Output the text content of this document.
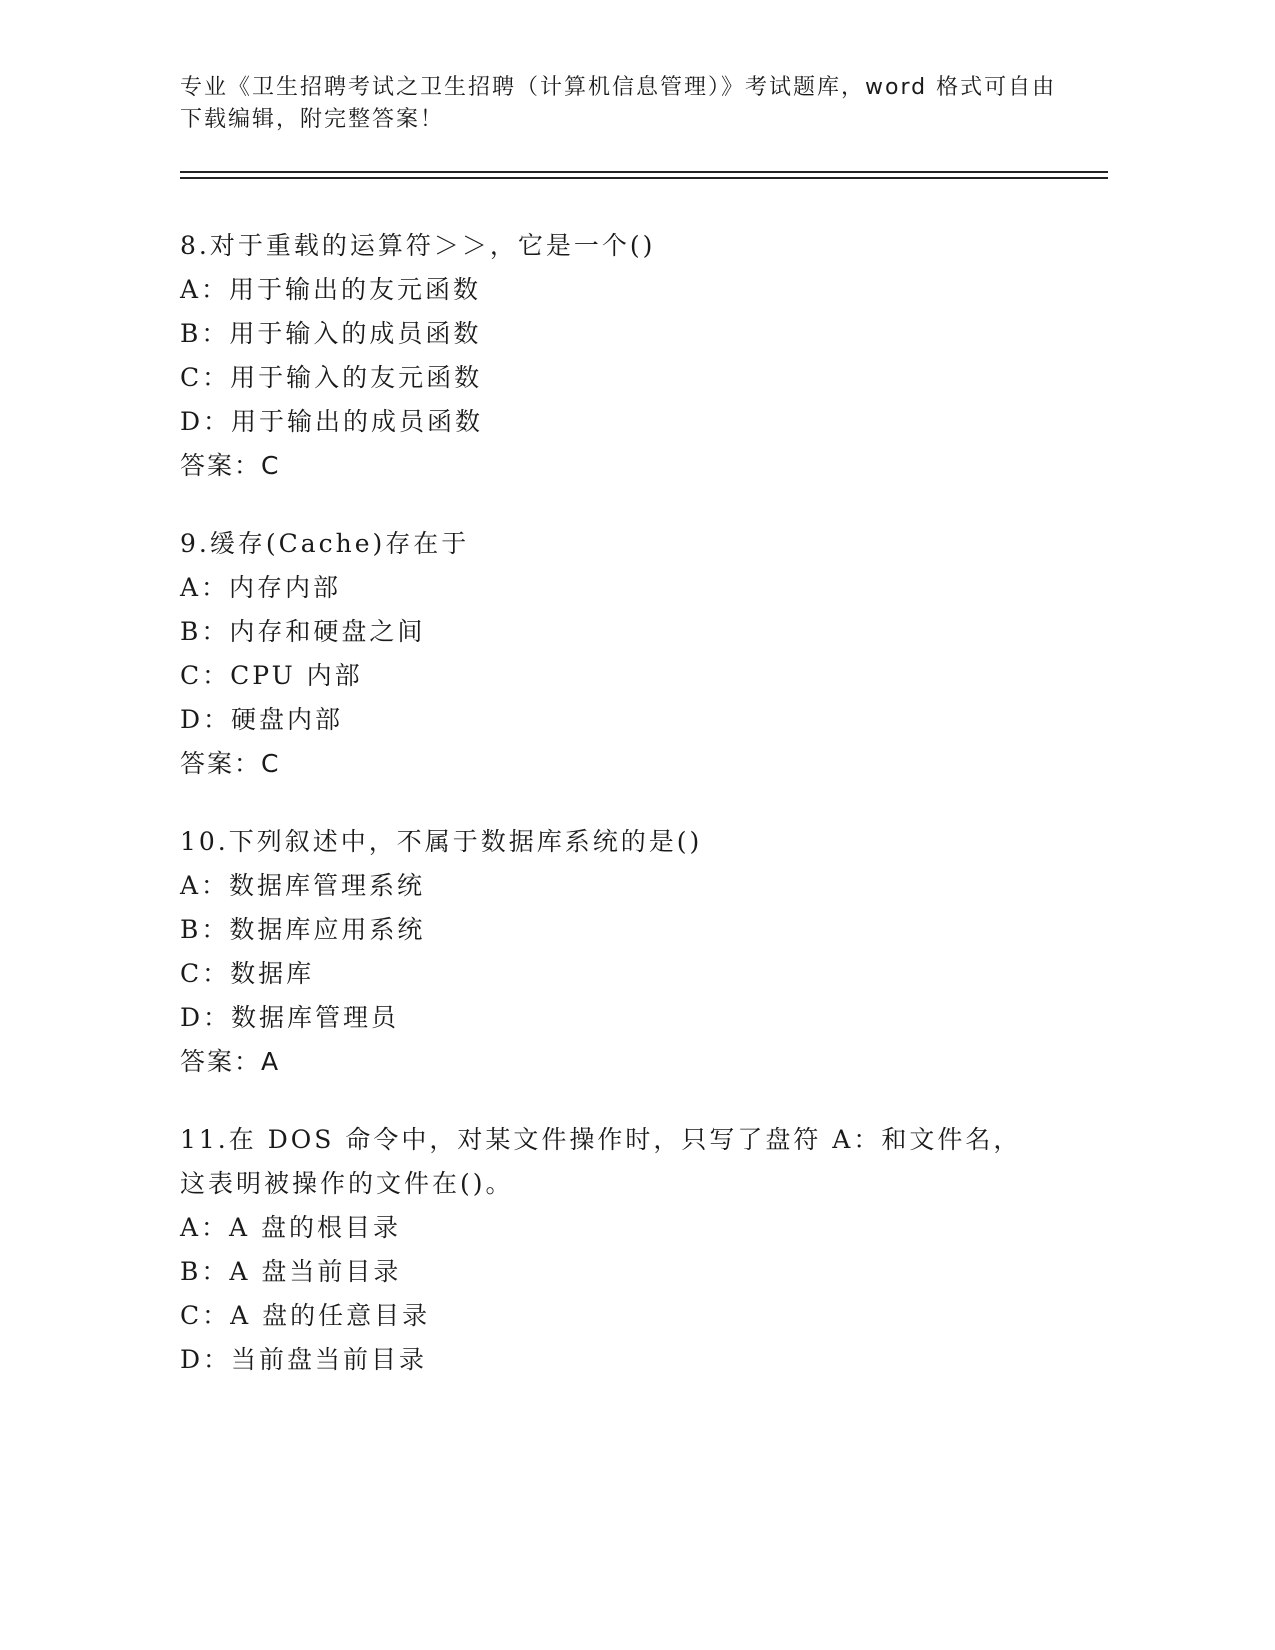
专业《卫生招聘考试之卫生招聘（计算机信息管理）》考试题库，word 格式可自由下载编辑，附完整答案！
8.对于重载的运算符＞＞，它是一个()
A：用于输出的友元函数
B：用于输入的成员函数
C：用于输入的友元函数
D：用于输出的成员函数
答案：C
9.缓存(Cache)存在于
A：内存内部
B：内存和硬盘之间
C：CPU 内部
D：硬盘内部
答案：C
10.下列叙述中，不属于数据库系统的是()
A：数据库管理系统
B：数据库应用系统
C：数据库
D：数据库管理员
答案：A
11.在 DOS 命令中，对某文件操作时，只写了盘符 A：和文件名，这表明被操作的文件在()。
A：A 盘的根目录
B：A 盘当前目录
C：A 盘的任意目录
D：当前盘当前目录
